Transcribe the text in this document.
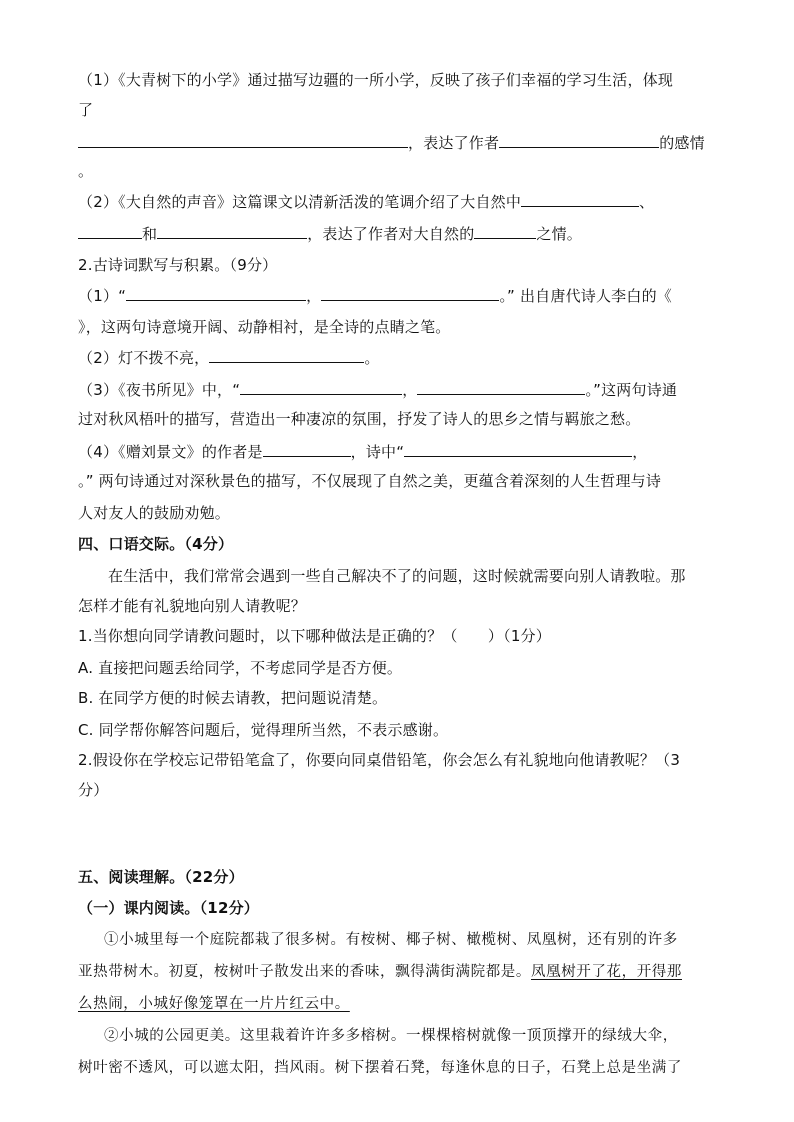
（1）《大青树下的小学》通过描写边疆的一所小学，反映了孩子们幸福的学习生活，体现
了
，表达了作者	的感情
。
（2）《大自然的声音》这篇课文以清新活泼的笔调介绍了大自然中	、
和	，表达了作者对大自然的	之情。
2.古诗词默写与积累。（9分）
（1）“	，	。” 出自唐代诗人李白的《
》，这两句诗意境开阔、动静相衬，是全诗的点睛之笔。
（2）灯不拨不亮，	。
（3）《夜书所见》中，“	，	。”这两句诗通
过对秋风梧叶的描写，营造出一种凄凉的氛围，抒发了诗人的思乡之情与羁旅之愁。
（4）《赠刘景文》的作者是	，诗中“	，
。” 两句诗通过对深秋景色的描写，不仅展现了自然之美，更蕴含着深刻的人生哲理与诗
人对友人的鼓励劝勉。
四、口语交际。（4分）
在生活中，我们常常会遇到一些自己解决不了的问题，这时候就需要向别人请教啦。那
怎样才能有礼貌地向别人请教呢？
1.当你想向同学请教问题时，以下哪种做法是正确的？（　　）（1分）
A. 直接把问题丢给同学，不考虑同学是否方便。
B. 在同学方便的时候去请教，把问题说清楚。
C. 同学帮你解答问题后，觉得理所当然，不表示感谢。
2.假设你在学校忘记带铅笔盒了，你要向同桌借铅笔，你会怎么有礼貌地向他请教呢？（3
分）
五、阅读理解。（22分）
（一）课内阅读。（12分）
①小城里每一个庭院都栽了很多树。有桉树、椰子树、橄榄树、凤凰树，还有别的许多
亚热带树木。初夏，桉树叶子散发出来的香味，飘得满街满院都是。凤凰树开了花，开得那
么热闹，小城好像笼罩在一片片红云中。
②小城的公园更美。这里栽着许许多多榕树。一棵棵榕树就像一顶顶撑开的绿绒大伞，
树叶密不透风，可以遮太阳，挡风雨。树下摆着石凳，每逢休息的日子，石凳上总是坐满了
